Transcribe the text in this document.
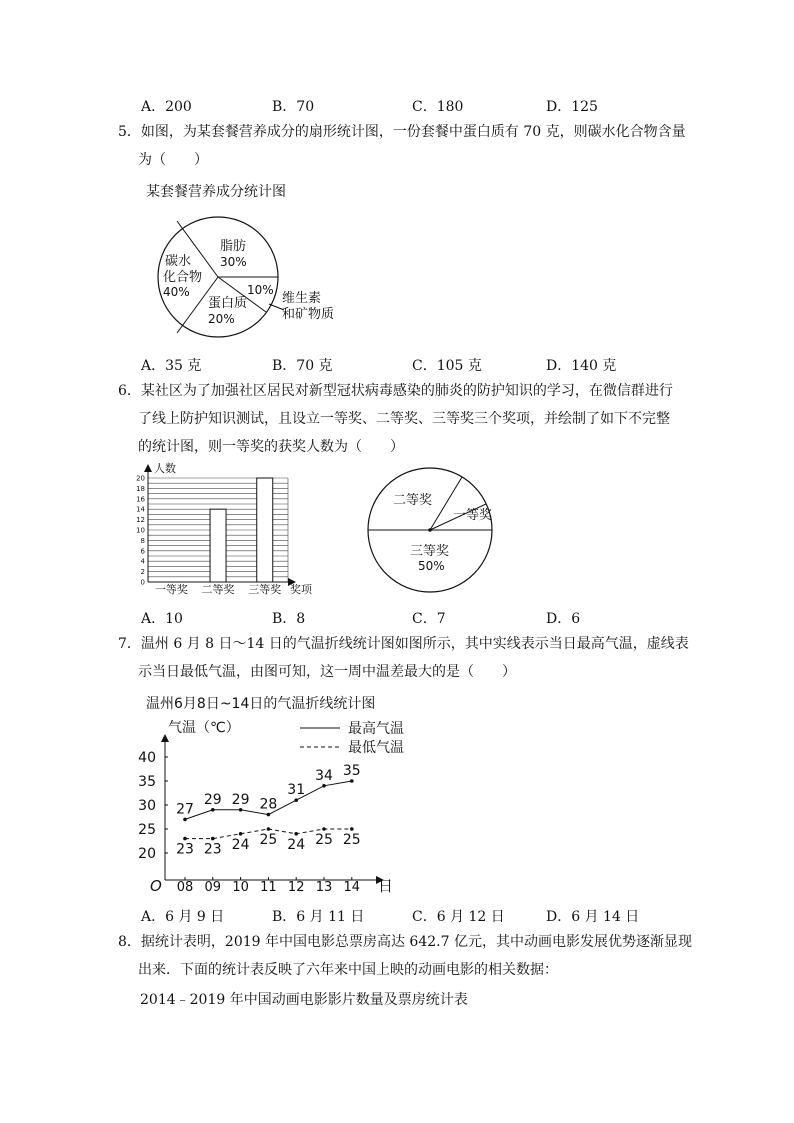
A．200	B．70	C．180	D．125
5．如图，为某套餐营养成分的扇形统计图，一份套餐中蛋白质有 70 克，则碳水化合物含量
为（　　）
某套餐营养成分统计图
脂肪
30%
碳水
化合物
40%
蛋白质
20%
10%
维生素
和矿物质
A．35 克	B．70 克	C．105 克	D．140 克
6．某社区为了加强社区居民对新型冠状病毒感染的肺炎的防护知识的学习，在微信群进行
了线上防护知识测试，且设立一等奖、二等奖、三等奖三个奖项，并绘制了如下不完整
的统计图，则一等奖的获奖人数为（　　）
0
2
4
6
8
10
12
14
16
18
20
人数
奖项
一等奖 二等奖 三等奖
二等奖
一等奖
三等奖
50%
A．10	B．8	C．7	D．6
7．温州 6 月 8 日～14 日的气温折线统计图如图所示，其中实线表示当日最高气温，虚线表
示当日最低气温，由图可知，这一周中温差最大的是（　　）
温州6月8日~14日的气温折线统计图
气温（℃）
O	日
20
25
30
35
40
08 09 10 11 12 13 14
27
29 29 28
31
34 35
23 23 24 25 24 25 25
最高气温
最低气温
A．6 月 9 日	B．6 月 11 日	C．6 月 12 日	D．6 月 14 日
8．据统计表明，2019 年中国电影总票房高达 642.7 亿元，其中动画电影发展优势逐渐显现
出来．下面的统计表反映了六年来中国上映的动画电影的相关数据：
2014﹣2019 年中国动画电影影片数量及票房统计表
